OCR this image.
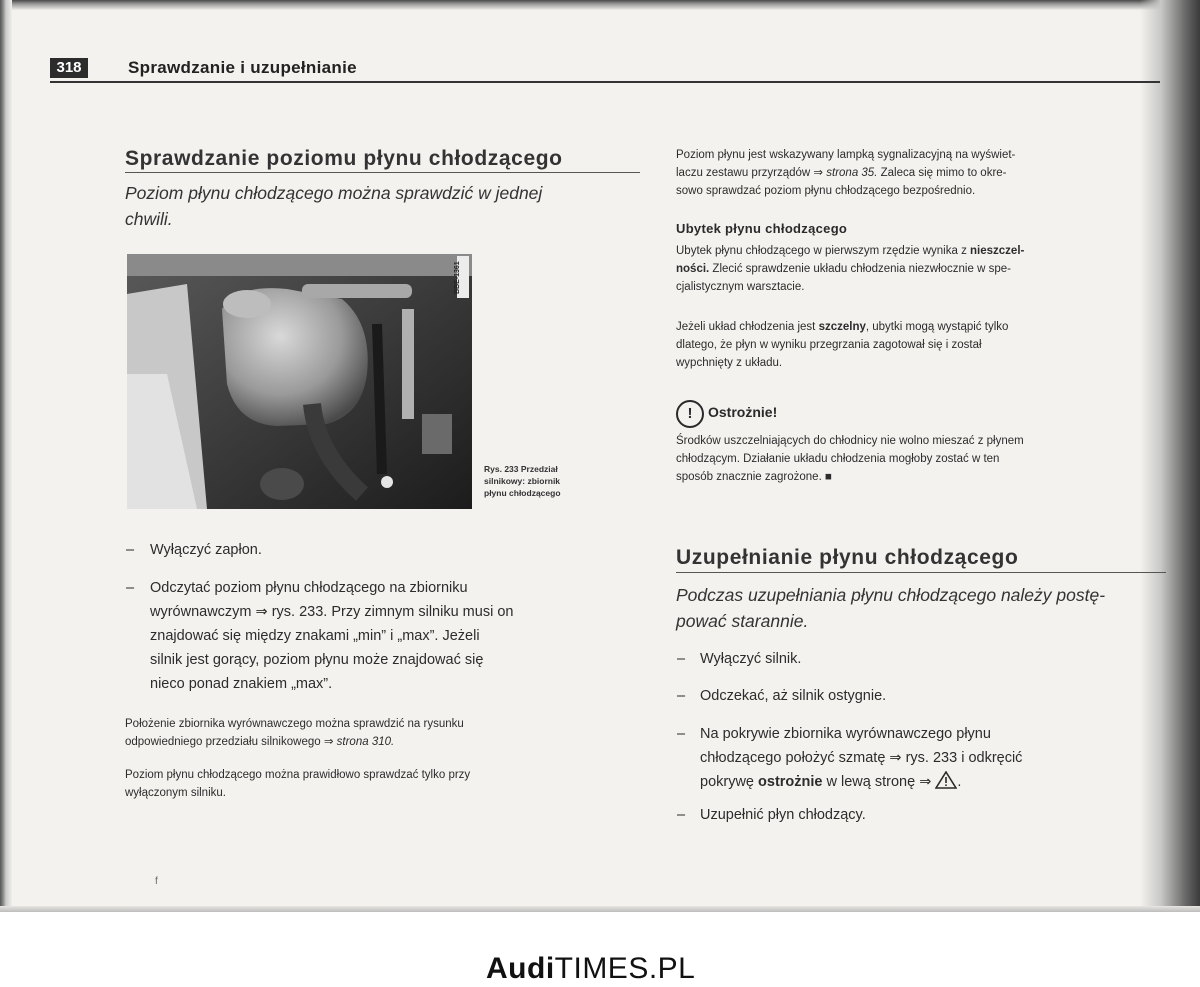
318	Sprawdzanie i uzupełnianie
Sprawdzanie poziomu płynu chłodzącego
Poziom płynu chłodzącego można sprawdzić w jednej
chwili.
BBE-1361
Rys. 233 Przedział
silnikowy: zbiornik
płynu chłodzącego
– Wyłączyć zapłon.
– Odczytać poziom płynu chłodzącego na zbiorniku
wyrównawczym ⇒ rys. 233. Przy zimnym silniku musi on
znajdować się między znakami „min” i „max”. Jeżeli
silnik jest gorący, poziom płynu może znajdować się
nieco ponad znakiem „max”.
Położenie zbiornika wyrównawczego można sprawdzić na rysunku
odpowiedniego przedziału silnikowego ⇒ strona 310.
Poziom płynu chłodzącego można prawidłowo sprawdzać tylko przy
wyłączonym silniku.
f
Poziom płynu jest wskazywany lampką sygnalizacyjną na wyświet-
laczu zestawu przyrządów ⇒ strona 35. Zaleca się mimo to okre-
sowo sprawdzać poziom płynu chłodzącego bezpośrednio.
Ubytek płynu chłodzącego
Ubytek płynu chłodzącego w pierwszym rzędzie wynika z nieszczel-
ności. Zlecić sprawdzenie układu chłodzenia niezwłocznie w spe-
cjalistycznym warsztacie.
Jeżeli układ chłodzenia jest szczelny, ubytki mogą wystąpić tylko
dlatego, że płyn w wyniku przegrzania zagotował się i został
wypchnięty z układu.
!	Ostrożnie!
Środków uszczelniających do chłodnicy nie wolno mieszać z płynem
chłodzącym. Działanie układu chłodzenia mogłoby zostać w ten
sposób znacznie zagrożone. ■
Uzupełnianie płynu chłodzącego
Podczas uzupełniania płynu chłodzącego należy postę-
pować starannie.
– Wyłączyć silnik.
– Odczekać, aż silnik ostygnie.
– Na pokrywie zbiornika wyrównawczego płynu
chłodzącego położyć szmatę ⇒ rys. 233 i odkręcić
pokrywę ostrożnie w lewą stronę ⇒ .
– Uzupełnić płyn chłodzący.
AudiTIMES.PL
